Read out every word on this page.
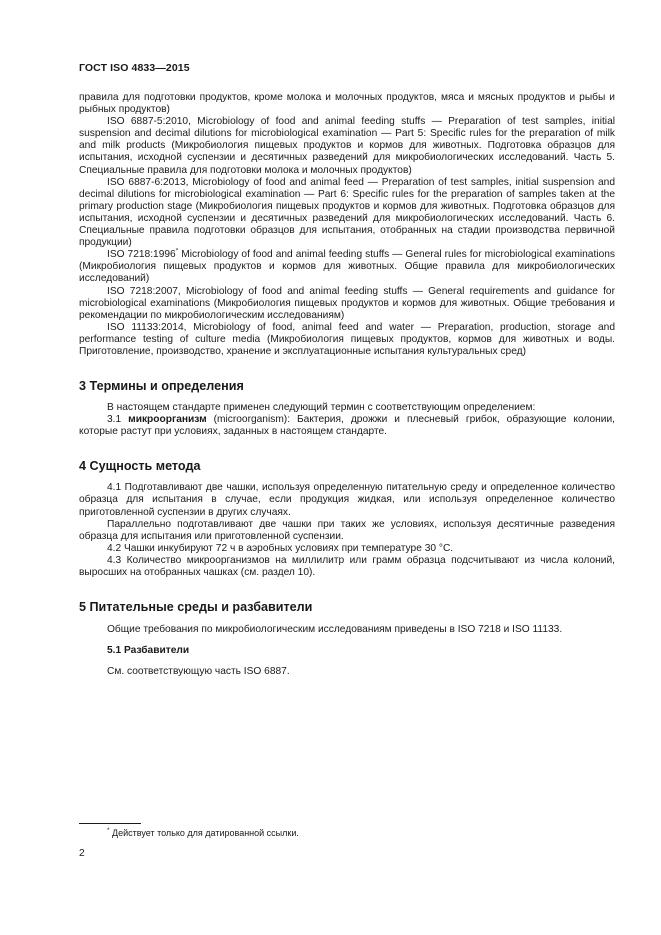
ГОСТ ISO 4833—2015

правила для подготовки продуктов, кроме молока и молочных продуктов, мяса и мясных продуктов и рыбы и рыбных продуктов)

ISO 6887-5:2010, Microbiology of food and animal feeding stuffs — Preparation of test samples, initial suspension and decimal dilutions for microbiological examination — Part 5: Specific rules for the preparation of milk and milk products (Микробиология пищевых продуктов и кормов для животных. Подготовка образцов для испытания, исходной суспензии и десятичных разведений для микробиологических исследований. Часть 5. Специальные правила для подготовки молока и молочных продуктов)

ISO 6887-6:2013, Microbiology of food and animal feed — Preparation of test samples, initial suspension and decimal dilutions for microbiological examination — Part 6: Specific rules for the preparation of samples taken at the primary production stage (Микробиология пищевых продуктов и кормов для животных. Подготовка образцов для испытания, исходной суспензии и десятичных разведений для микробиологических исследований. Часть 6. Специальные правила подготовки образцов для испытания, отобранных на стадии производства первичной продукции)

ISO 7218:1996* Microbiology of food and animal feeding stuffs — General rules for microbiological examinations (Микробиология пищевых продуктов и кормов для животных. Общие правила для микробиологических исследований)

ISO 7218:2007, Microbiology of food and animal feeding stuffs — General requirements and guidance for microbiological examinations (Микробиология пищевых продуктов и кормов для животных. Общие требования и рекомендации по микробиологическим исследованиям)

ISO 11133:2014, Microbiology of food, animal feed and water — Preparation, production, storage and performance testing of culture media (Микробиология пищевых продуктов, кормов для животных и воды. Приготовление, производство, хранение и эксплуатационные испытания культуральных сред)

3 Термины и определения

В настоящем стандарте применен следующий термин с соответствующим определением:

3.1 микроорганизм (microorganism): Бактерия, дрожжи и плесневый грибок, образующие колонии, которые растут при условиях, заданных в настоящем стандарте.

4 Сущность метода

4.1 Подготавливают две чашки, используя определенную питательную среду и определенное количество образца для испытания в случае, если продукция жидкая, или используя определенное количество приготовленной суспензии в других случаях.

Параллельно подготавливают две чашки при таких же условиях, используя десятичные разведения образца для испытания или приготовленной суспензии.

4.2 Чашки инкубируют 72 ч в аэробных условиях при температуре 30 °С.

4.3 Количество микроорганизмов на миллилитр или грамм образца подсчитывают из числа колоний, выросших на отобранных чашках (см. раздел 10).

5 Питательные среды и разбавители

Общие требования по микробиологическим исследованиям приведены в ISO 7218 и ISO 11133.

5.1 Разбавители

См. соответствующую часть ISO 6887.

* Действует только для датированной ссылки.
2
